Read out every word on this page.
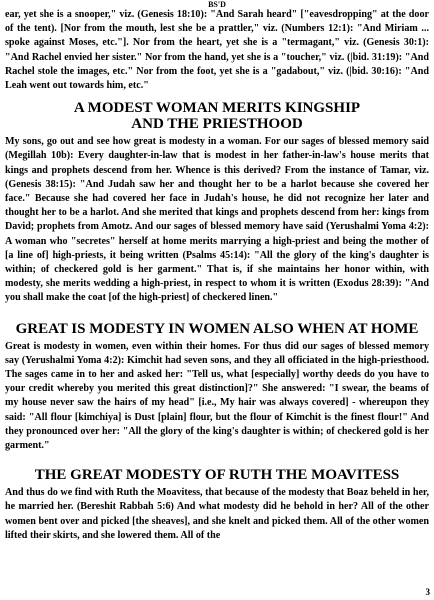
BS'D

ear, yet she is a snooper," viz. (Genesis 18:10): "And Sarah heard" ["eavesdropping" at the door of the tent). [Nor from the mouth, lest she be a prattler," viz. (Numbers 12:1): "And Miriam ... spoke against Moses, etc."]. Nor from the heart, yet she is a "termagant," viz. (Genesis 30:1): "And Rachel envied her sister." Nor from the hand, yet she is a "toucher," viz. (|bid. 31:19): "And Rachel stole the images, etc." Nor from the foot, yet she is a "gadabout," viz. (|bid. 30:16): "And Leah went out towards him, etc."

A MODEST WOMAN MERITS KINGSHIP
AND THE PRIESTHOOD

My sons, go out and see how great is modesty in a woman. For our sages of blessed memory said (Megillah 10b): Every daughter-in-law that is modest in her father-in-law's house merits that kings and prophets descend from her. Whence is this derived? From the instance of Tamar, viz. (Genesis 38:15): "And Judah saw her and thought her to be a harlot because she covered her face." Because she had covered her face in Judah's house, he did not recognize her later and thought her to be a harlot. And she merited that kings and prophets descend from her: kings from David; prophets from Amotz. And our sages of blessed memory have said (Yerushalmi Yoma 4:2): A woman who "secretes" herself at home merits marrying a high-priest and being the mother of [a line of] high-priests, it being written (Psalms 45:14): "All the glory of the king's daughter is within; of checkered gold is her garment." That is, if she maintains her honor within, with modesty, she merits wedding a high-priest, in respect to whom it is written (Exodus 28:39): "And you shall make the coat [of the high-priest] of checkered linen."

GREAT IS MODESTY IN WOMEN ALSO WHEN AT HOME

Great is modesty in women, even within their homes. For thus did our sages of blessed memory say (Yerushalmi Yoma 4:2): Kimchit had seven sons, and they all officiated in the high-priesthood. The sages came in to her and asked her: "Tell us, what [especially] worthy deeds do you have to your credit whereby you merited this great distinction]?" She answered: "I swear, the beams of my house never saw the hairs of my head" [i.e., My hair was always covered] - whereupon they said: "All flour [kimchiya] is Dust [plain] flour, but the flour of Kimchit is the finest flour!" And they pronounced over her: "All the glory of the king's daughter is within; of checkered gold is her garment."

THE GREAT MODESTY OF RUTH THE MOAVITESS

And thus do we find with Ruth the Moavitess, that because of the modesty that Boaz beheld in her, he married her. (Bereshit Rabbah 5:6) And what modesty did he behold in her? All of the other women bent over and picked [the sheaves], and she knelt and picked them. All of the other women lifted their skirts, and she lowered them. All of the

3
